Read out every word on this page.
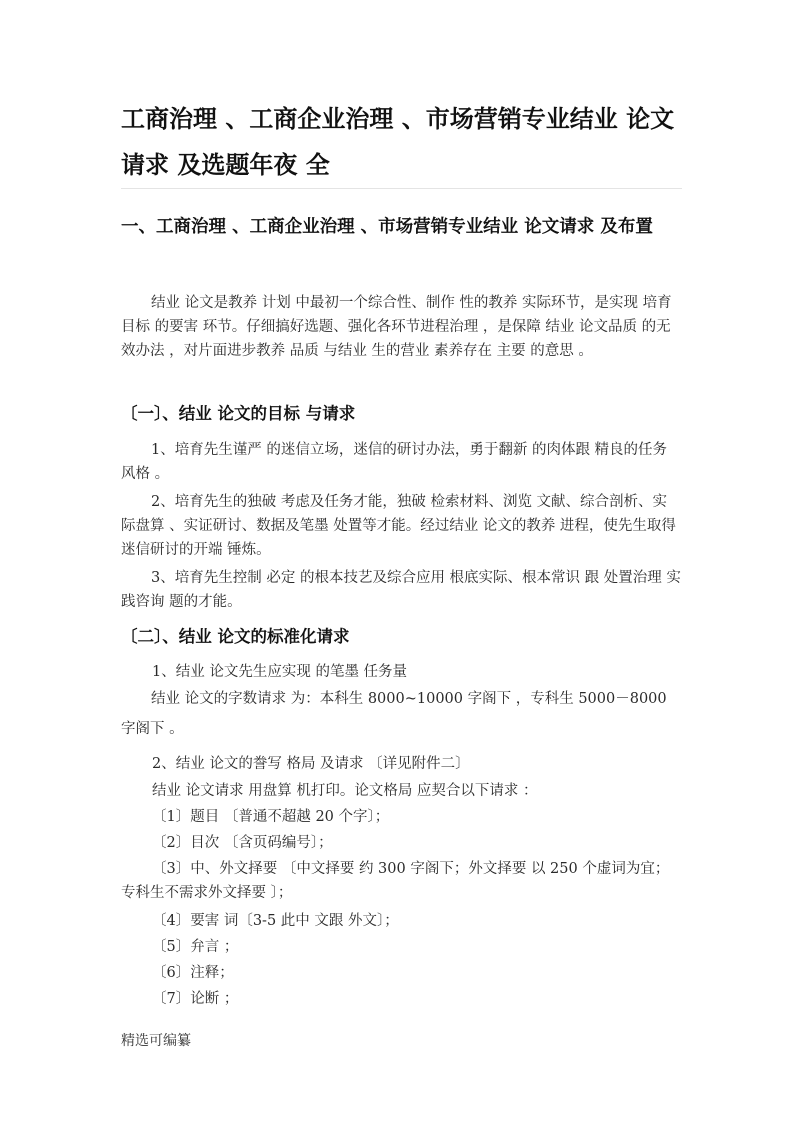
工商治理 、工商企业治理 、市场营销专业结业 论文请求 及选题年夜 全
一、工商治理 、工商企业治理 、市场营销专业结业 论文请求 及布置

结业 论文是教养 计划 中最初一个综合性、制作 性的教养 实际环节，是实现 培育目标 的要害 环节。仔细搞好选题、强化各环节进程治理 ，是保障 结业 论文品质 的无效办法 ，对片面进步教养 品质 与结业 生的营业 素养存在 主要 的意思 。

〔一〕、结业 论文的目标 与请求

1、培育先生谨严 的迷信立场，迷信的研讨办法，勇于翻新 的肉体跟 精良的任务风格 。

2、培育先生的独破 考虑及任务才能，独破 检索材料、浏览 文献、综合剖析、实际盘算 、实证研讨、数据及笔墨 处置等才能。经过结业 论文的教养 进程，使先生取得迷信研讨的开端 锤炼。

3、培育先生控制 必定 的根本技艺及综合应用 根底实际、根本常识 跟 处置治理 实践咨询 题的才能。

〔二〕、结业 论文的标准化请求

1、结业 论文先生应实现 的笔墨 任务量

结业 论文的字数请求 为：本科生 8000~10000 字阁下 ，专科生 5000－8000 字阁下 。

2、结业 论文的誊写 格局 及请求 〔详见附件二〕

结业 论文请求 用盘算 机打印。论文格局 应契合以下请求 ：

〔1〕题目 〔普通不超越 20 个字〕；

〔2〕目次 〔含页码编号〕；

〔3〕中、外文择要 〔中文择要 约 300 字阁下；外文择要 以 250 个虚词为宜；专科生不需求外文择要 〕；

〔4〕要害 词〔3-5 此中 文跟 外文〕；

〔5〕弁言 ；

〔6〕注释；

〔7〕论断 ；

精选可编纂
